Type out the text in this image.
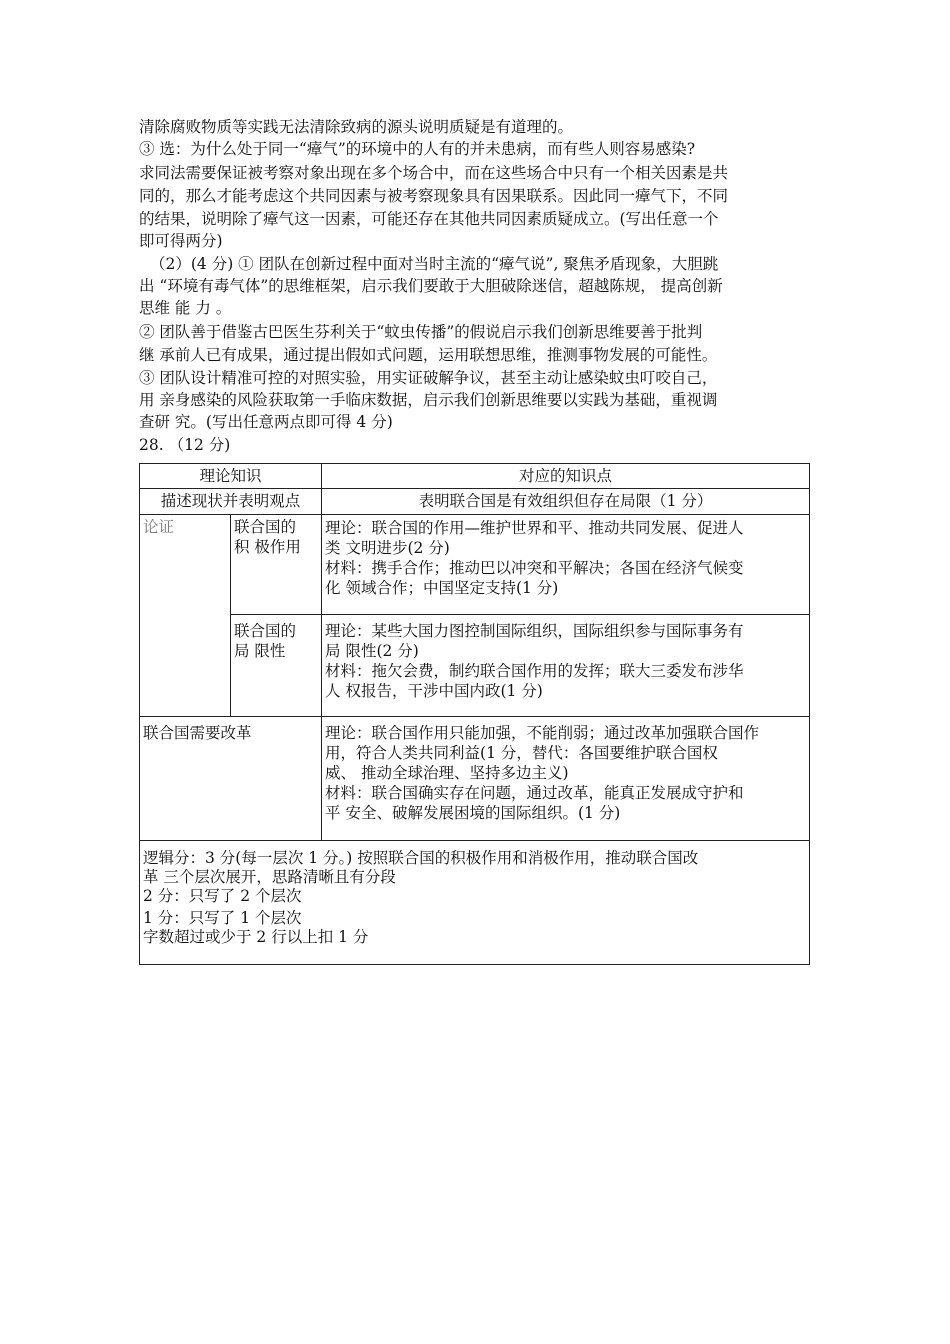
清除腐败物质等实践无法清除致病的源头说明质疑是有道理的。

③ 选：为什么处于同一“瘴气”的环境中的人有的并未患病，而有些人则容易感染?

求同法需要保证被考察对象出现在多个场合中，而在这些场合中只有一个相关因素是共

同的，那么才能考虑这个共同因素与被考察现象具有因果联系。因此同一瘴气下，不同

的结果，说明除了瘴气这一因素，可能还存在其他共同因素质疑成立。(写出任意一个

即可得两分)

（2）(4 分) ① 团队在创新过程中面对当时主流的“瘴气说”, 聚焦矛盾现象，大胆跳

出 “环境有毒气体”的思维框架，启示我们要敢于大胆破除迷信，超越陈规， 提高创新

思维 能 力 。

② 团队善于借鉴古巴医生芬利关于“蚊虫传播”的假说启示我们创新思维要善于批判

继 承前人已有成果，通过提出假如式问题，运用联想思维，推测事物发展的可能性。

③ 团队设计精准可控的对照实验，用实证破解争议，甚至主动让感染蚊虫叮咬自己，

用 亲身感染的风险获取第一手临床数据，启示我们创新思维要以实践为基础，重视调

查研 究。(写出任意两点即可得 4 分)

28. （12 分)

理论知识		对应的知识点
描述现状并表明观点		表明联合国是有效组织但存在局限（1 分）
论证	联合国的
积 极作用	理论：联合国的作用—维护世界和平、推动共同发展、促进人
类 文明进步(2 分)
材料：携手合作；推动巴以冲突和平解决；各国在经济气候变
化 领域合作；中国坚定支持(1 分)

	联合国的
局 限性	理论：某些大国力图控制国际组织，国际组织参与国际事务有
局 限性(2 分)
材料：拖欠会费，制约联合国作用的发挥；联大三委发布涉华
人 权报告，干涉中国内政(1 分)

联合国需要改革		理论：联合国作用只能加强，不能削弱；通过改革加强联合国作
用，符合人类共同利益(1 分，替代：各国要维护联合国权
威、 推动全球治理、坚持多边主义)
材料：联合国确实存在问题，通过改革，能真正发展成守护和
平 安全、破解发展困境的国际组织。(1 分)

逻辑分：3 分(每一层次 1 分。) 按照联合国的积极作用和消极作用，推动联合国改
革 三个层次展开，思路清晰且有分段
2 分：只写了 2 个层次
1 分：只写了 1 个层次
字数超过或少于 2 行以上扣 1 分		
